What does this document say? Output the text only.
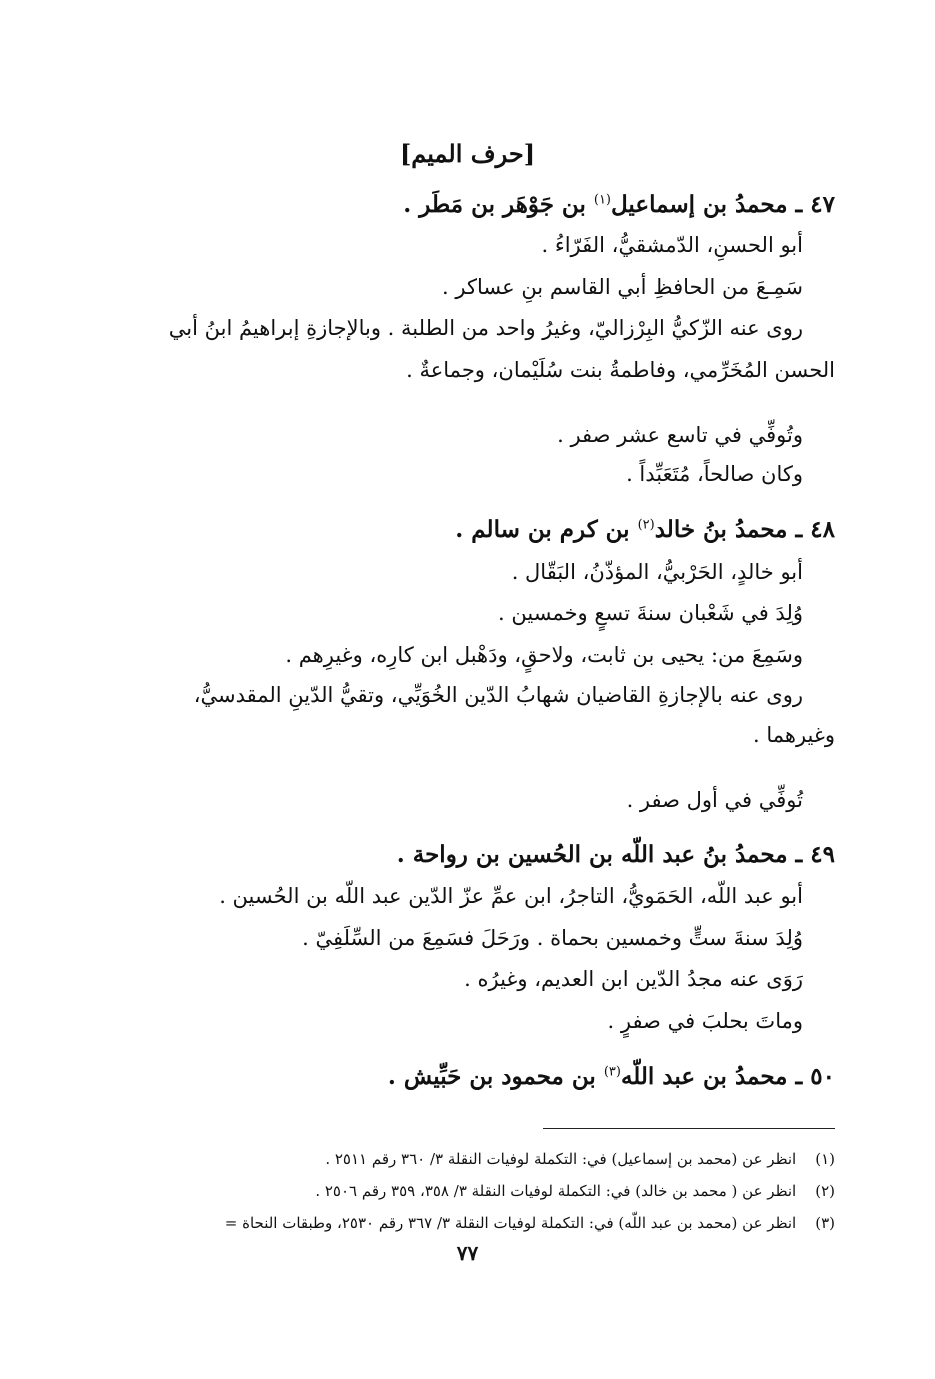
[حرف الميم]
٤٧ ـ محمدُ بن إسماعيل$^{(١)}$ بن جَوْهَر بن مَطَر .
أبو الحسنِ، الدّمشقيُّ، الفَرّاءُ .
سَمِـعَ من الحافظِ أبي القاسم بنِ عساكر .
روى عنه الزّكيُّ البِرْزاليّ، وغيرُ واحد من الطلبة . وبالإجازةِ إبراهيمُ ابنُ أبي
الحسن المُخَرِّمي، وفاطمةُ بنت سُلَيْمان، وجماعةٌ .
وتُوفِّي في تاسع عشر صفر .
وكان صالحاً، مُتَعَبِّداً .
٤٨ ـ محمدُ بنُ خالد$^{(٢)}$ بن كرم بن سالم .
أبو خالدٍ، الحَرْبيُّ، المؤذّنُ، البَقّال .
وُلِدَ في شَعْبان سنةَ تسعٍ وخمسين .
وسَمِعَ من: يحيى بن ثابت، ولاحقٍ، ودَهْبل ابن كارِه، وغيرِهم .
روى عنه بالإجازةِ القاضيان شهابُ الدّين الخُوَيِّي، وتقيُّ الدّينِ المقدسيُّ،
وغيرهما .
تُوفِّي في أول صفر .
٤٩ ـ محمدُ بنُ عبد اللّه بن الحُسين بن رواحة .
أبو عبد اللّه، الحَمَويُّ، التاجرُ، ابن عمِّ عزّ الدّين عبد اللّه بن الحُسين .
وُلِدَ سنةَ ستٍّ وخمسين بحماة . ورَحَلَ فسَمِعَ من السِّلَفِيّ .
رَوَى عنه مجدُ الدّين ابن العديم، وغيرُه .
وماتَ بحلبَ في صفرٍ .
٥٠ ـ محمدُ بن عبد اللّه$^{(٣)}$ بن محمود بن حَبِّيش .
(١) انظر عن (محمد بن إسماعيل) في: التكملة لوفيات النقلة ٣/ ٣٦٠ رقم ٢٥١١ .
(٢) انظر عن ( محمد بن خالد) في: التكملة لوفيات النقلة ٣/ ٣٥٨، ٣٥٩ رقم ٢٥٠٦ .
(٣) انظر عن (محمد بن عبد اللّه) في: التكملة لوفيات النقلة ٣/ ٣٦٧ رقم ٢٥٣٠، وطبقات النحاة =
٧٧
